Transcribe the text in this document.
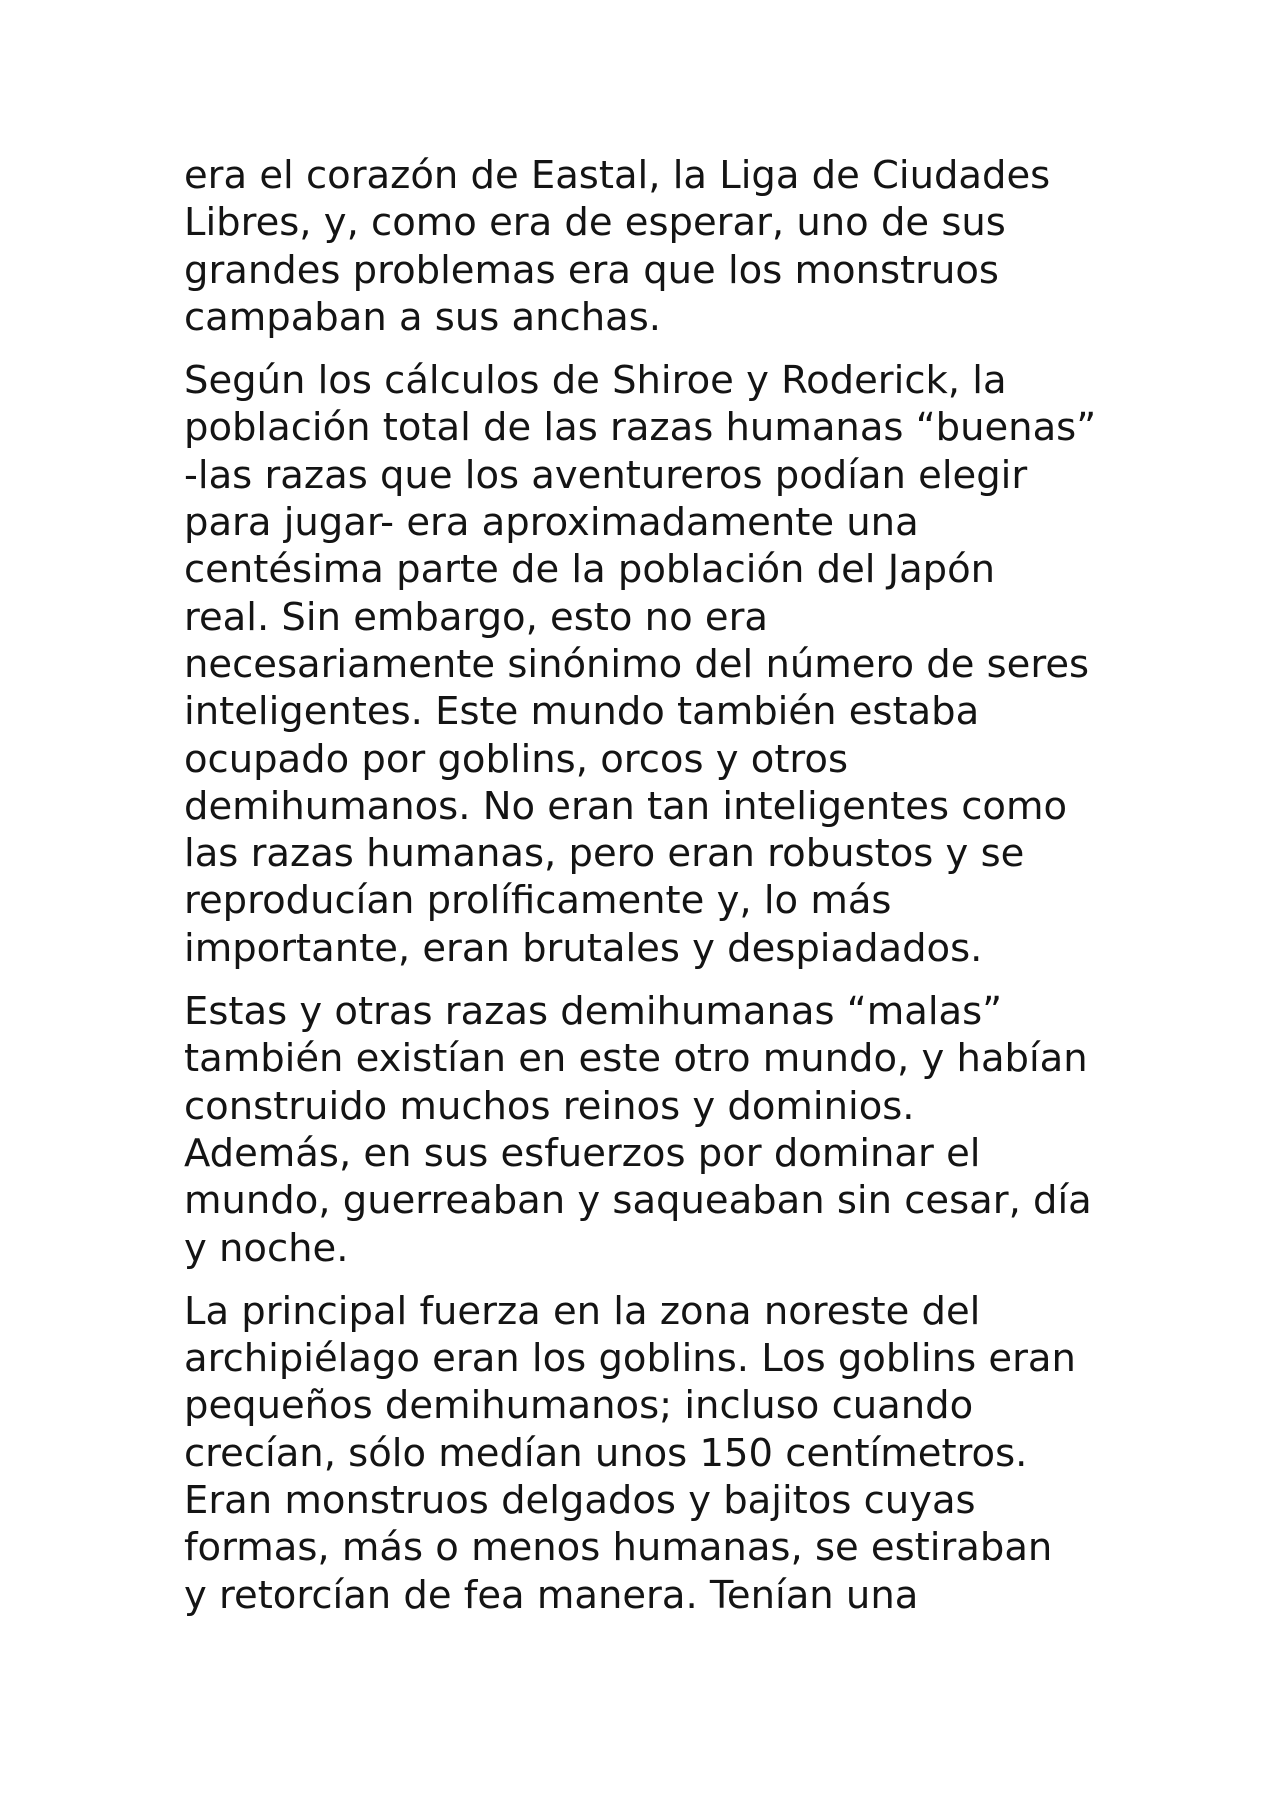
era el corazón de Eastal, la Liga de Ciudades
Libres, y, como era de esperar, uno de sus
grandes problemas era que los monstruos
campaban a sus anchas.

Según los cálculos de Shiroe y Roderick, la
población total de las razas humanas “buenas”
-las razas que los aventureros podían elegir
para jugar- era aproximadamente una
centésima parte de la población del Japón
real. Sin embargo, esto no era
necesariamente sinónimo del número de seres
inteligentes. Este mundo también estaba
ocupado por goblins, orcos y otros
demihumanos. No eran tan inteligentes como
las razas humanas, pero eran robustos y se
reproducían prolíficamente y, lo más
importante, eran brutales y despiadados.

Estas y otras razas demihumanas “malas”
también existían en este otro mundo, y habían
construido muchos reinos y dominios.
Además, en sus esfuerzos por dominar el
mundo, guerreaban y saqueaban sin cesar, día
y noche.

La principal fuerza en la zona noreste del
archipiélago eran los goblins. Los goblins eran
pequeños demihumanos; incluso cuando
crecían, sólo medían unos 150 centímetros.
Eran monstruos delgados y bajitos cuyas
formas, más o menos humanas, se estiraban
y retorcían de fea manera. Tenían una
